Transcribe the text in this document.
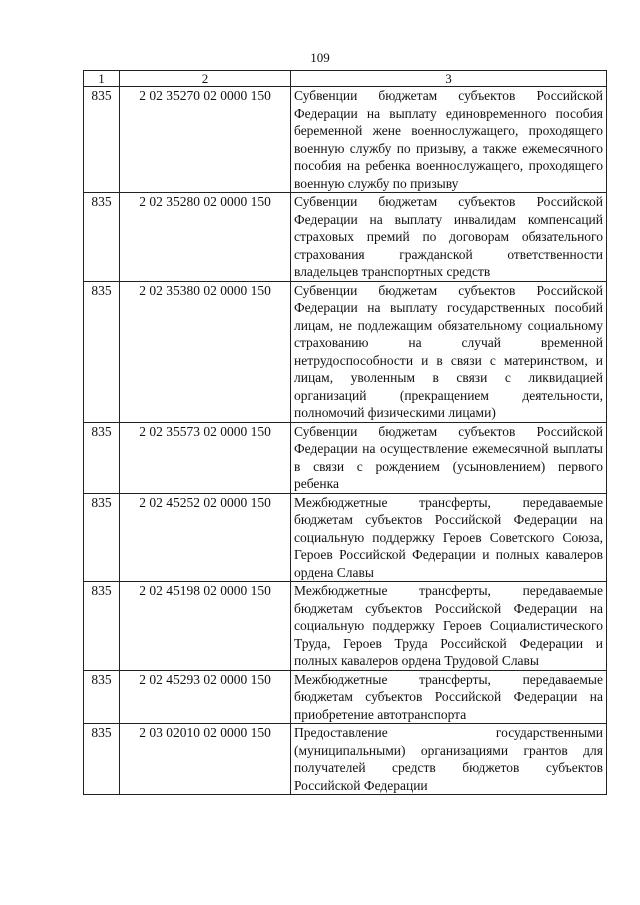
109
1	2	3
835	2 02 35270 02 0000 150	Субвенции бюджетам субъектов Российской Федерации на выплату единовременного пособия беременной жене военнослужащего, проходящего военную службу по призыву, а также ежемесячного пособия на ребенка военнослужащего, проходящего военную службу по призыву
835	2 02 35280 02 0000 150	Субвенции бюджетам субъектов Российской Федерации на выплату инвалидам компенсаций страховых премий по договорам обязательного страхования гражданской ответственности владельцев транспортных средств
835	2 02 35380 02 0000 150	Субвенции бюджетам субъектов Российской Федерации на выплату государственных пособий лицам, не подлежащим обязательному социальному страхованию на случай временной нетрудоспособности и в связи с материнством, и лицам, уволенным в связи с ликвидацией организаций (прекращением деятельности, полномочий физическими лицами)
835	2 02 35573 02 0000 150	Субвенции бюджетам субъектов Российской Федерации на осуществление ежемесячной выплаты в связи с рождением (усыновлением) первого ребенка
835	2 02 45252 02 0000 150	Межбюджетные трансферты, передаваемые бюджетам субъектов Российской Федерации на социальную поддержку Героев Советского Союза, Героев Российской Федерации и полных кавалеров ордена Славы
835	2 02 45198 02 0000 150	Межбюджетные трансферты, передаваемые бюджетам субъектов Российской Федерации на социальную поддержку Героев Социалистического Труда, Героев Труда Российской Федерации и полных кавалеров ордена Трудовой Славы
835	2 02 45293 02 0000 150	Межбюджетные трансферты, передаваемые бюджетам субъектов Российской Федерации на приобретение автотранспорта
835	2 03 02010 02 0000 150	Предоставление государственными (муниципальными) организациями грантов для получателей средств бюджетов субъектов Российской Федерации
